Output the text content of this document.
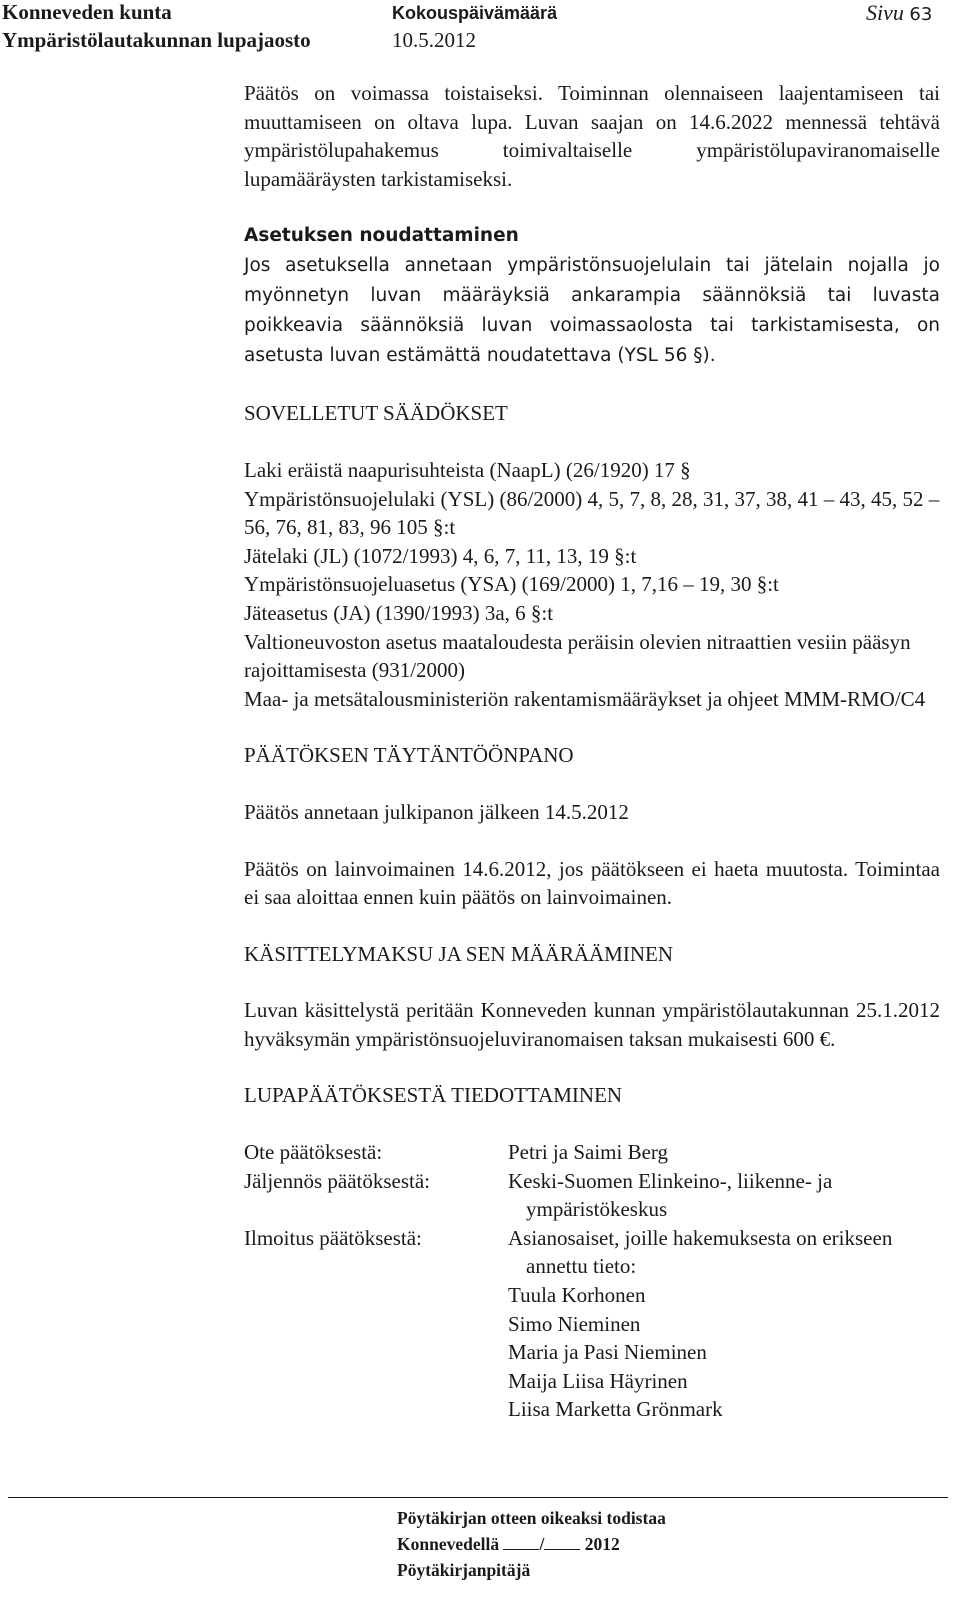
Konneveden kunta
Ympäristölautakunnan lupajaosto
Kokouspäivämäärä
10.5.2012
Sivu 63

Päätös on voimassa toistaiseksi. Toiminnan olennaiseen laajentamiseen tai muuttamiseen on oltava lupa. Luvan saajan on 14.6.2022 mennessä tehtävä ympäristölupahakemus toimivaltaiselle ympäristölupaviranomaiselle lupamääräysten tarkistamiseksi.

Asetuksen noudattaminen

Jos asetuksella annetaan ympäristönsuojelulain tai jätelain nojalla jo myönnetyn luvan määräyksiä ankarampia säännöksiä tai luvasta poikkeavia säännöksiä luvan voimassaolosta tai tarkistamisesta, on asetusta luvan estämättä noudatettava (YSL 56 ⁠§).

SOVELLETUT SÄÄDÖKSET

Laki eräistä naapurisuhteista (NaapL) (26/1920) 17 §

Ympäristönsuojelulaki (YSL) (86/2000) 4, 5, 7, 8, 28, 31, 37, 38, 41 – 43, 45, 52 – 56, 76, 81, 83, 96 105 §:t

Jätelaki (JL) (1072/1993) 4, 6, 7, 11, 13, 19 §:t

Ympäristönsuojeluasetus (YSA) (169/2000) 1, 7,16 – 19, 30 §:t

Jäteasetus (JA) (1390/1993) 3a, 6 §:t

Valtioneuvoston asetus maataloudesta peräisin olevien nitraattien vesiin pääsyn rajoittamisesta (931/2000)

Maa- ja metsätalousministeriön rakentamismääräykset ja ohjeet MMM-RMO/C4

PÄÄTÖKSEN TÄYTÄNTÖÖNPANO

Päätös annetaan julkipanon jälkeen 14.5.2012

Päätös on lainvoimainen 14.6.2012, jos päätökseen ei haeta muutosta. Toimintaa ei saa aloittaa ennen kuin päätös on lainvoimainen.

KÄSITTELYMAKSU JA SEN MÄÄRÄÄMINEN

Luvan käsittelystä peritään Konneveden kunnan ympäristölautakunnan 25.1.2012 hyväksymän ympäristönsuojeluviranomaisen taksan mukaisesti 600 €.

LUPAPÄÄTÖKSESTÄ TIEDOTTAMINEN

Ote päätöksestä:	Petri ja Saimi Berg
Jäljennös päätöksestä:	Keski-Suomen Elinkeino-, liikenne- ja
ympäristökeskus
Ilmoitus päätöksestä:	Asianosaiset, joille hakemuksesta on erikseen
annettu tieto:
Tuula Korhonen
Simo Nieminen
Maria ja Pasi Nieminen
Maija Liisa Häyrinen
Liisa Marketta Grönmark
Pöytäkirjan otteen oikeaksi todistaa
Konnevedellä / 2012
Pöytäkirjanpitäjä
